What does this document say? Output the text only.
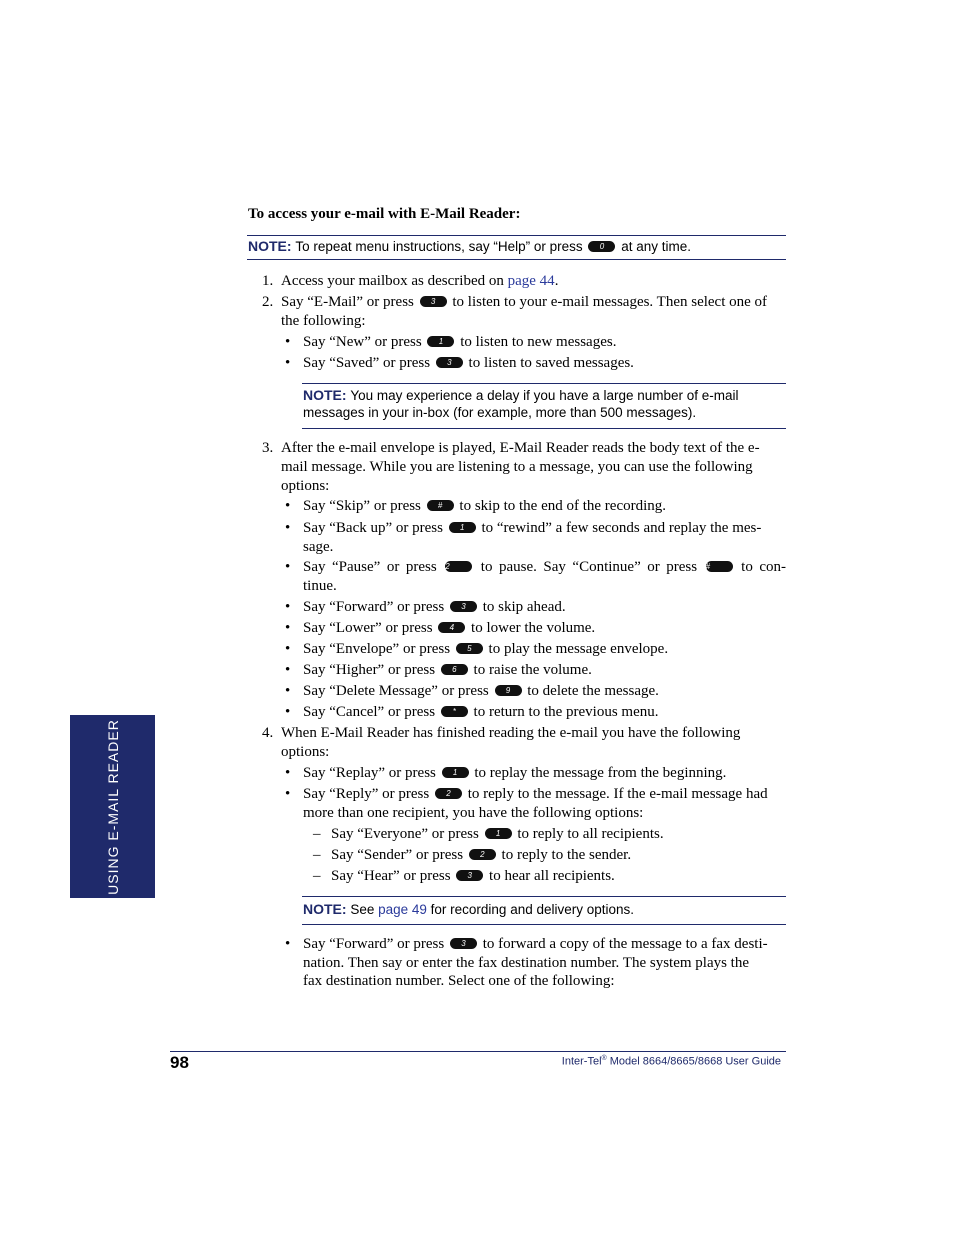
To access your e-mail with E-Mail Reader:
NOTE: To repeat menu instructions, say “Help” or press 0 at any time.
1. Access your mailbox as described on page 44.
2. Say “E-Mail” or press 3 to listen to your e-mail messages. Then select one of
the following:
• Say “New” or press 1 to listen to new messages.
• Say “Saved” or press 3 to listen to saved messages.
NOTE: You may experience a delay if you have a large number of e-mail
messages in your in-box (for example, more than 500 messages).
3. After the e-mail envelope is played, E-Mail Reader reads the body text of the e-
mail message. While you are listening to a message, you can use the following
options:
• Say “Skip” or press # to skip to the end of the recording.
• Say “Back up” or press 1 to “rewind” a few seconds and replay the mes-
sage.
• Say “Pause” or press 2 to pause. Say “Continue” or press # to con-
tinue.
• Say “Forward” or press 3 to skip ahead.
• Say “Lower” or press 4 to lower the volume.
• Say “Envelope” or press 5 to play the message envelope.
• Say “Higher” or press 6 to raise the volume.
• Say “Delete Message” or press 9 to delete the message.
• Say “Cancel” or press * to return to the previous menu.
4. When E-Mail Reader has finished reading the e-mail you have the following
options:
• Say “Replay” or press 1 to replay the message from the beginning.
• Say “Reply” or press 2 to reply to the message. If the e-mail message had
more than one recipient, you have the following options:
– Say “Everyone” or press 1 to reply to all recipients.
– Say “Sender” or press 2 to reply to the sender.
– Say “Hear” or press 3 to hear all recipients.
NOTE: See page 49 for recording and delivery options.
• Say “Forward” or press 3 to forward a copy of the message to a fax desti-
nation. Then say or enter the fax destination number. The system plays the
fax destination number. Select one of the following:
USING E-MAIL READER
98	Inter-Tel® Model 8664/8665/8668 User Guide
